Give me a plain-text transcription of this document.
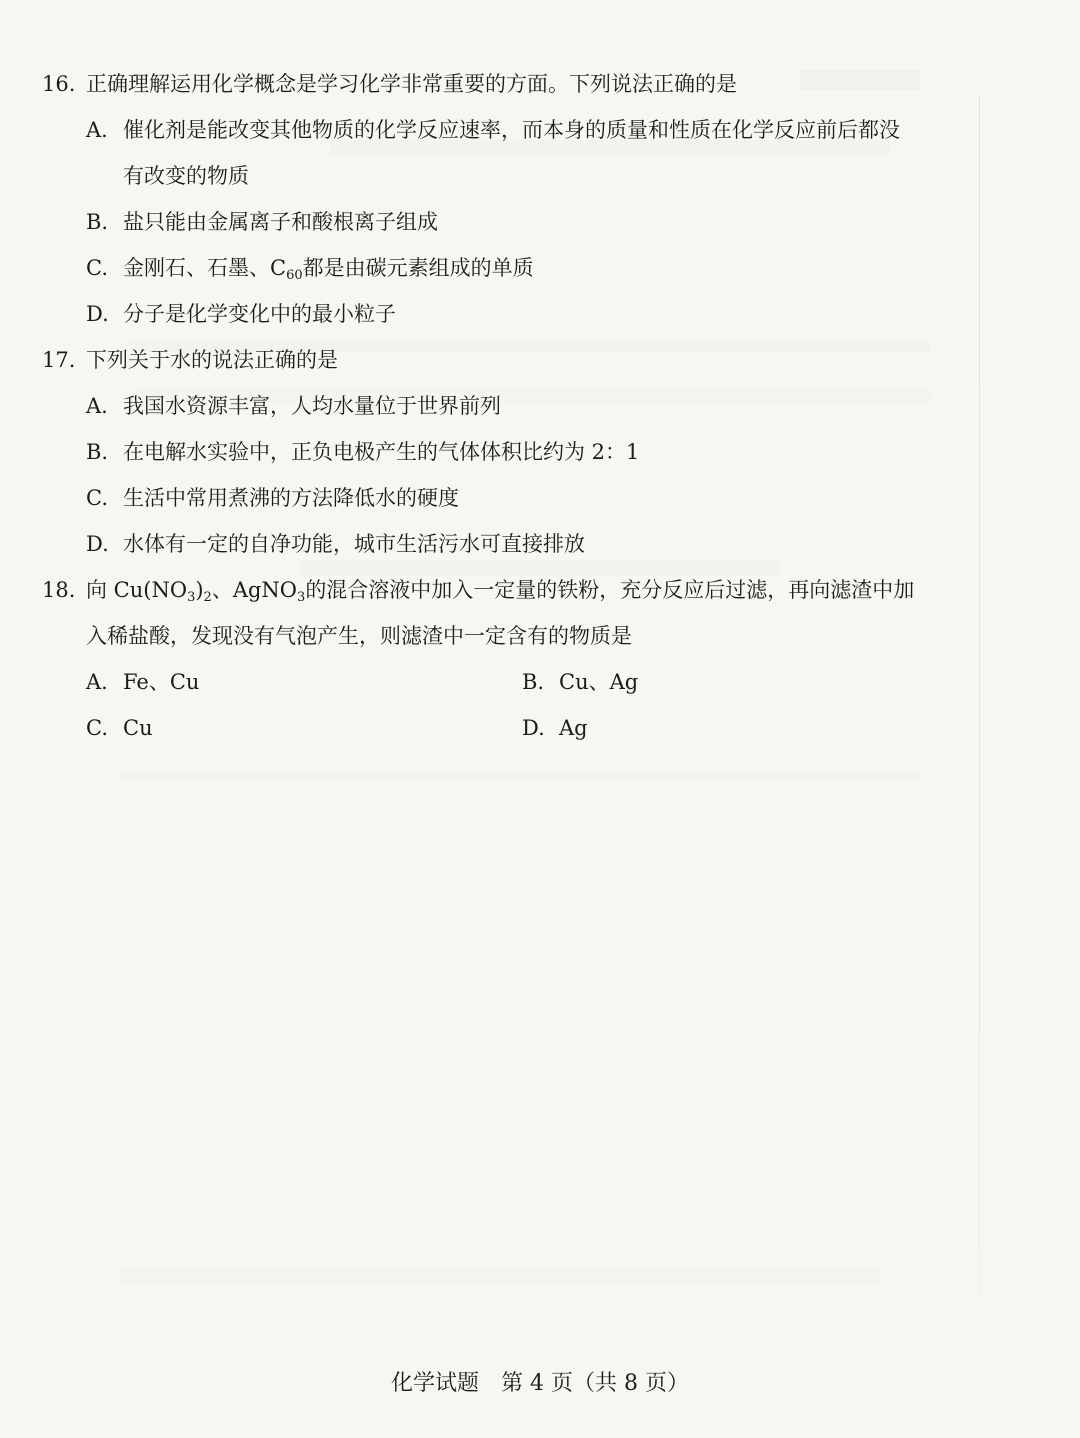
16. 正确理解运用化学概念是学习化学非常重要的方面。下列说法正确的是
A. 催化剂是能改变其他物质的化学反应速率，而本身的质量和性质在化学反应前后都没
有改变的物质
B. 盐只能由金属离子和酸根离子组成
C. 金刚石、石墨、$C_{60}$都是由碳元素组成的单质
D. 分子是化学变化中的最小粒子
17. 下列关于水的说法正确的是
A. 我国水资源丰富，人均水量位于世界前列
B. 在电解水实验中，正负电极产生的气体体积比约为 2：1
C. 生活中常用煮沸的方法降低水的硬度
D. 水体有一定的自净功能，城市生活污水可直接排放
18. 向 $Cu(NO_3)_2$、AgNO$_3$的混合溶液中加入一定量的铁粉，充分反应后过滤，再向滤渣中加
入稀盐酸，发现没有气泡产生，则滤渣中一定含有的物质是
A. Fe、Cu	B. Cu、Ag
C. Cu	D. Ag
化学试题　第 4 页（共 8 页）
